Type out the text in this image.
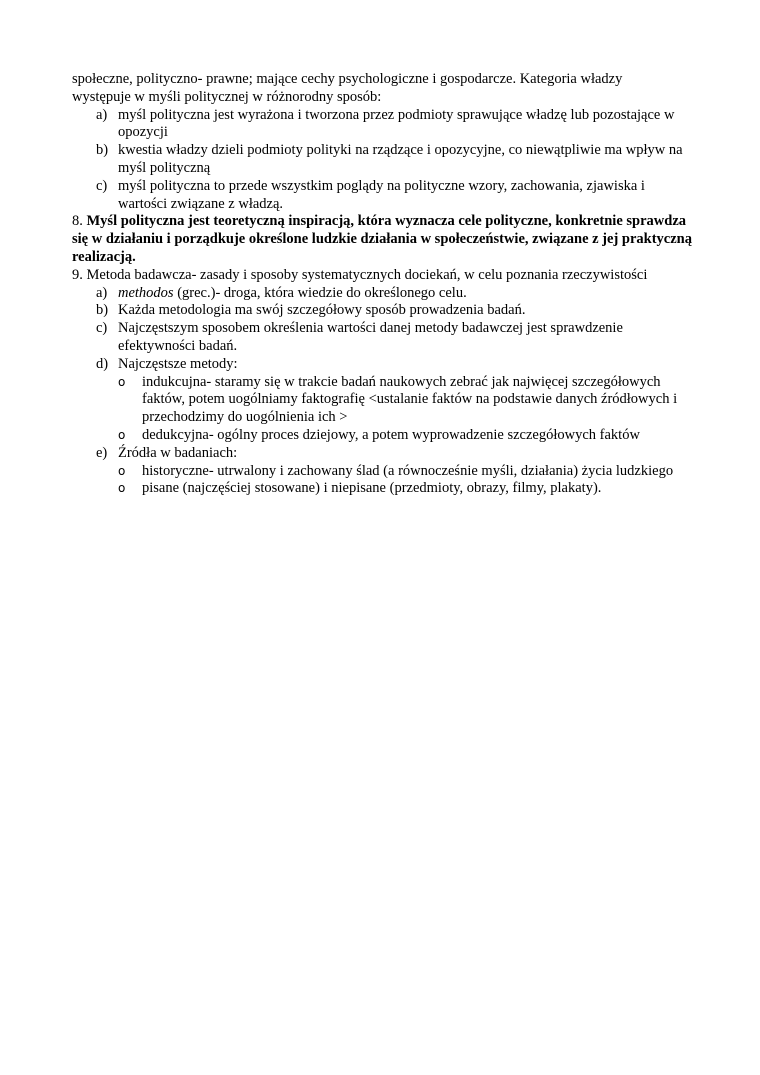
społeczne, polityczno- prawne; mające cechy psychologiczne i gospodarcze. Kategoria władzy
występuje w myśli politycznej w różnorodny sposób:

a) myśl polityczna jest wyrażona i tworzona przez podmioty sprawujące władzę lub pozostające w opozycji
b) kwestia władzy dzieli podmioty polityki na rządzące i opozycyjne, co niewątpliwie ma wpływ na myśl polityczną
c) myśl polityczna to przede wszystkim poglądy na polityczne wzory, zachowania, zjawiska i wartości związane z władzą.

8. Myśl polityczna jest teoretyczną inspiracją, która wyznacza cele polityczne, konkretnie sprawdza się w działaniu i porządkuje określone ludzkie działania w społeczeństwie, związane z jej praktyczną realizacją.

9. Metoda badawcza- zasady i sposoby systematycznych dociekań, w celu poznania rzeczywistości

a) methodos (grec.)- droga, która wiedzie do określonego celu.
b) Każda metodologia ma swój szczegółowy sposób prowadzenia badań.
c) Najczęstszym sposobem określenia wartości danej metody badawczej jest sprawdzenie efektywności badań.
d) Najczęstsze metody:
o indukcujna- staramy się w trakcie badań naukowych zebrać jak najwięcej szczegółowych faktów, potem uogólniamy faktografię <ustalanie faktów na podstawie danych źródłowych i przechodzimy do uogólnienia ich >
o dedukcyjna- ogólny proces dziejowy, a potem wyprowadzenie szczegółowych faktów
e) Źródła w badaniach:
o historyczne- utrwalony i zachowany ślad (a równocześnie myśli, działania) życia ludzkiego
o pisane (najczęściej stosowane) i niepisane (przedmioty, obrazy, filmy, plakaty).
